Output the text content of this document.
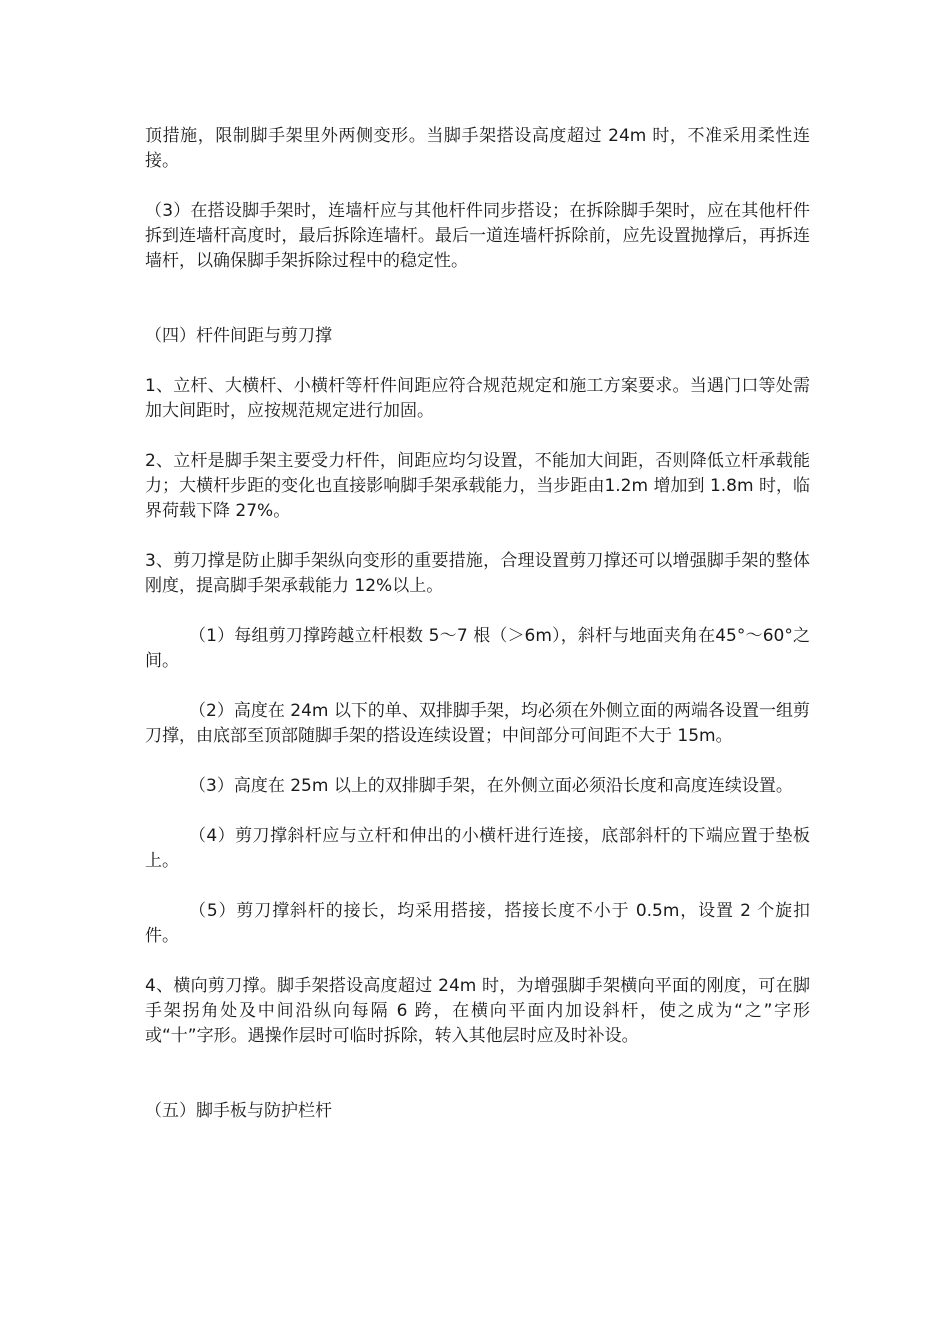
顶措施，限制脚手架里外两侧变形。当脚手架搭设高度超过 24m 时，不准采用柔性连接。

（3）在搭设脚手架时，连墙杆应与其他杆件同步搭设；在拆除脚手架时，应在其他杆件拆到连墙杆高度时，最后拆除连墙杆。最后一道连墙杆拆除前，应先设置抛撑后，再拆连墙杆，以确保脚手架拆除过程中的稳定性。

（四）杆件间距与剪刀撑

1、立杆、大横杆、小横杆等杆件间距应符合规范规定和施工方案要求。当遇门口等处需加大间距时，应按规范规定进行加固。

2、立杆是脚手架主要受力杆件，间距应均匀设置，不能加大间距，否则降低立杆承载能力；大横杆步距的变化也直接影响脚手架承载能力，当步距由1.2m 增加到 1.8m 时，临界荷载下降 27%。

3、剪刀撑是防止脚手架纵向变形的重要措施，合理设置剪刀撑还可以增强脚手架的整体刚度，提高脚手架承载能力 12%以上。

（1）每组剪刀撑跨越立杆根数 5～7 根（＞6m），斜杆与地面夹角在45°～60°之间。

（2）高度在 24m 以下的单、双排脚手架，均必须在外侧立面的两端各设置一组剪刀撑，由底部至顶部随脚手架的搭设连续设置；中间部分可间距不大于 15m。

（3）高度在 25m 以上的双排脚手架，在外侧立面必须沿长度和高度连续设置。

（4）剪刀撑斜杆应与立杆和伸出的小横杆进行连接，底部斜杆的下端应置于垫板上。

（5）剪刀撑斜杆的接长，均采用搭接，搭接长度不小于 0.5m，设置 2 个旋扣件。

4、横向剪刀撑。脚手架搭设高度超过 24m 时，为增强脚手架横向平面的刚度，可在脚手架拐角处及中间沿纵向每隔 6 跨，在横向平面内加设斜杆，使之成为“之”字形或“十”字形。遇操作层时可临时拆除，转入其他层时应及时补设。

（五）脚手板与防护栏杆
